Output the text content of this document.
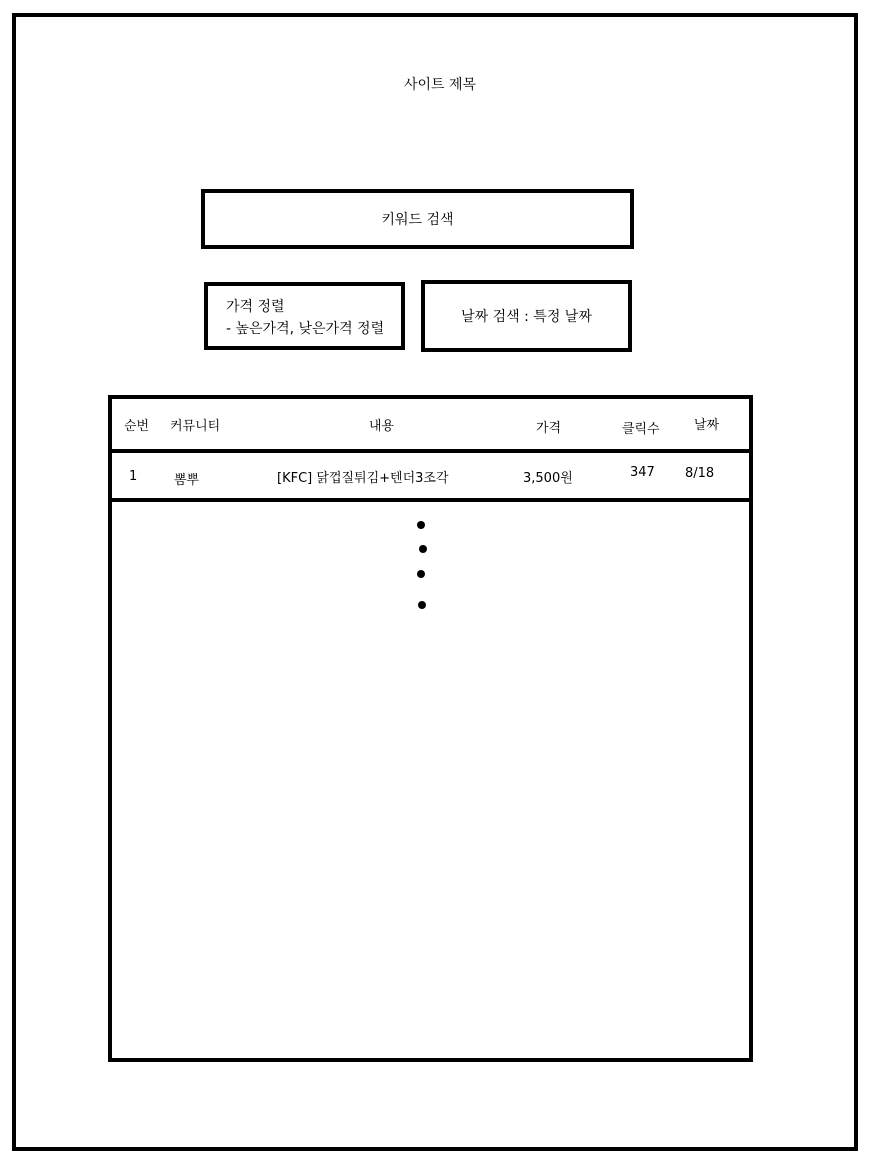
사이트 제목
키워드 검색
가격 정렬
- 높은가격, 낮은가격 정렬
날짜 검색 : 특정 날짜
순번 커뮤니티	내용	가격	클릭수	날짜
1	뽐뿌	[KFC] 닭껍질튀김+텐더3조각	3,500원	347 8/18
